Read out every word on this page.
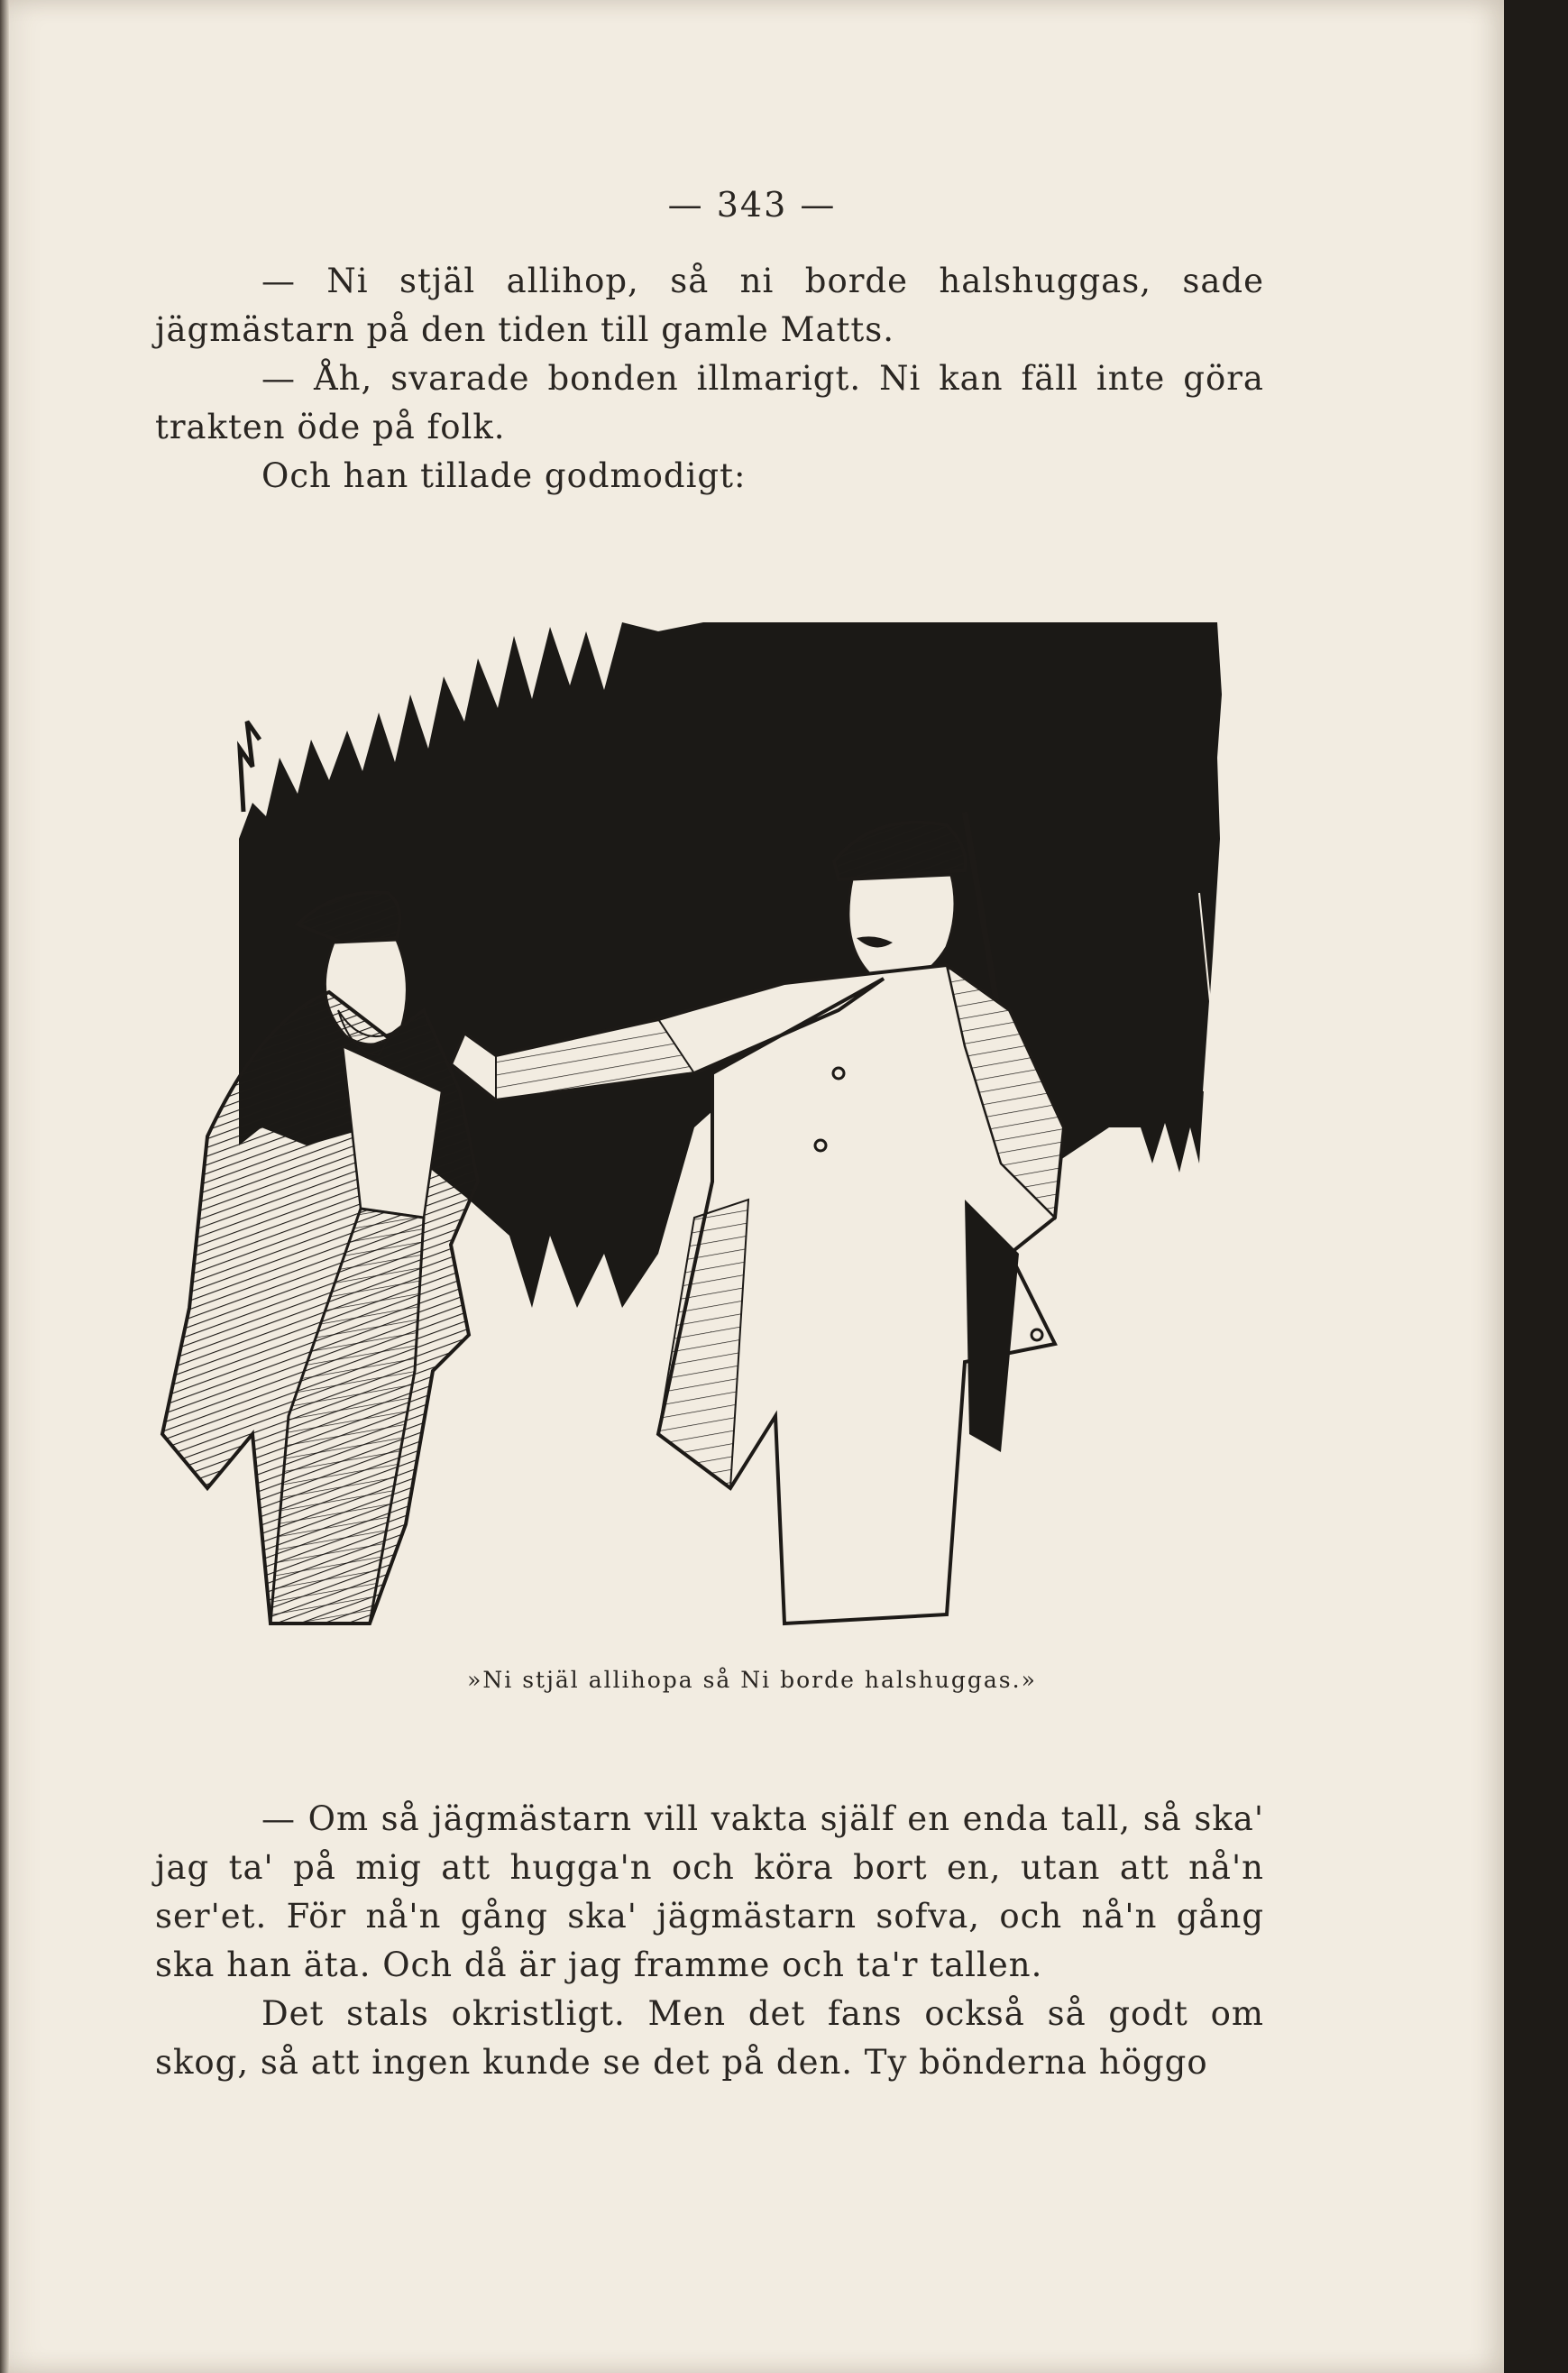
— 343 —

— Ni stjäl allihop, så ni borde halshuggas, sade jägmästarn på den tiden till gamle Matts.

— Åh, svarade bonden illmarigt. Ni kan fäll inte göra trakten öde på folk.

Och han tillade godmodigt:

»Ni stjäl allihopa så Ni borde halshuggas.»

— Om så jägmästarn vill vakta själf en enda tall, så ska' jag ta' på mig att hugga'n och köra bort en, utan att nå'n ser'et. För nå'n gång ska' jägmästarn sofva, och nå'n gång ska han äta. Och då är jag framme och ta'r tallen.

Det stals okristligt. Men det fans också så godt om skog, så att ingen kunde se det på den. Ty bönderna höggo
